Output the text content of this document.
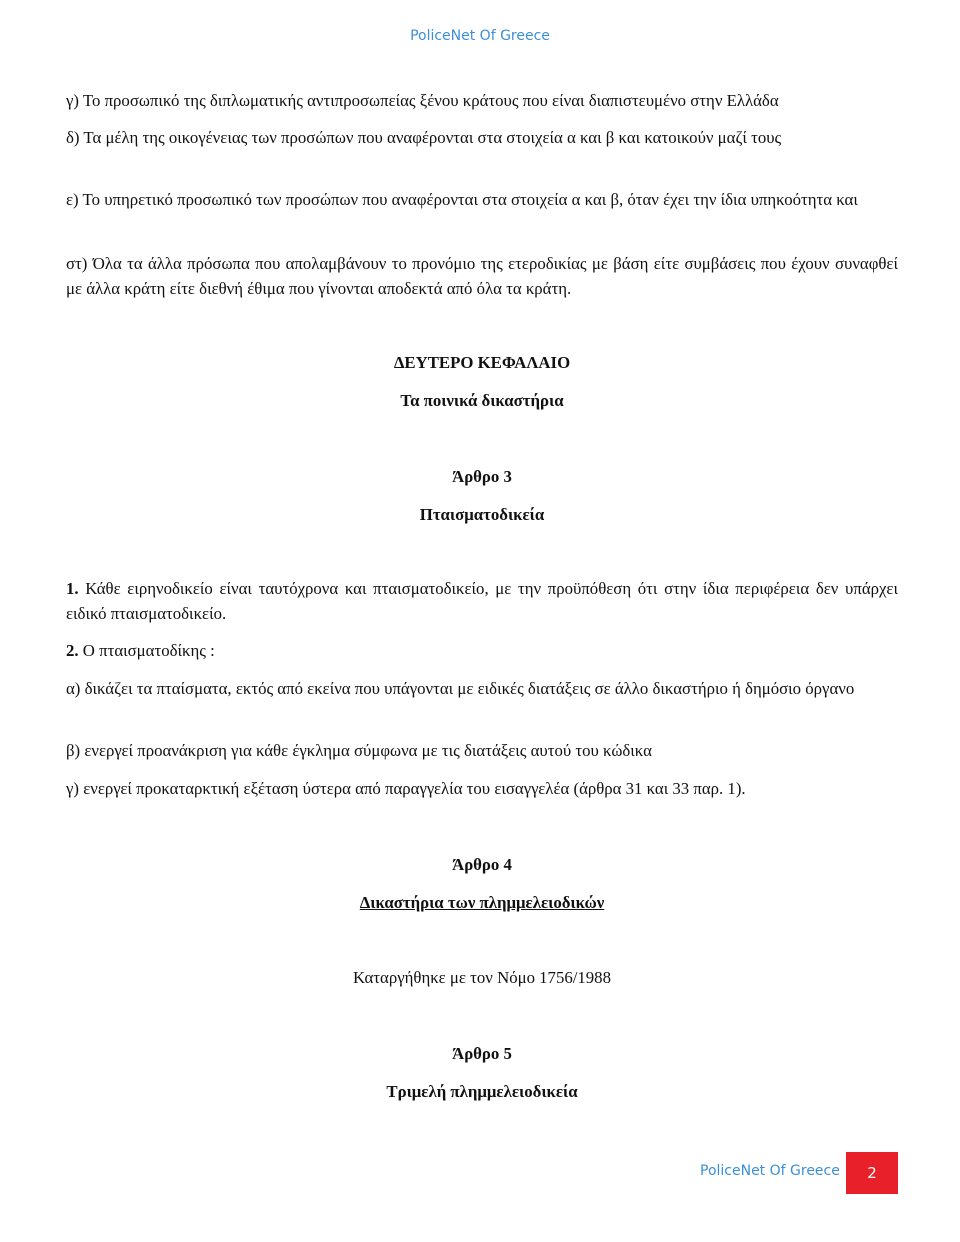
PoliceNet Of Greece

γ) Το προσωπικό της διπλωματικής αντιπροσωπείας ξένου κράτους που είναι διαπιστευμένο στην Ελλάδα

δ) Τα μέλη της οικογένειας των προσώπων που αναφέρονται στα στοιχεία α και β και κατοικούν μαζί τους

ε) Το υπηρετικό προσωπικό των προσώπων που αναφέρονται στα στοιχεία α και β, όταν έχει την ίδια υπηκοότητα και

στ) Όλα τα άλλα πρόσωπα που απολαμβάνουν το προνόμιο της ετεροδικίας με βάση είτε συμβάσεις που έχουν συναφθεί με άλλα κράτη είτε διεθνή έθιμα που γίνονται αποδεκτά από όλα τα κράτη.

ΔΕΥΤΕΡΟ ΚΕΦΑΛΑΙΟ

Τα ποινικά δικαστήρια

Άρθρο 3

Πταισματοδικεία

1. Κάθε ειρηνοδικείο είναι ταυτόχρονα και πταισματοδικείο, με την προϋπόθεση ότι στην ίδια περιφέρεια δεν υπάρχει ειδικό πταισματοδικείο.

2. Ο πταισματοδίκης :

α) δικάζει τα πταίσματα, εκτός από εκείνα που υπάγονται με ειδικές διατάξεις σε άλλο δικαστήριο ή δημόσιο όργανο

β) ενεργεί προανάκριση για κάθε έγκλημα σύμφωνα με τις διατάξεις αυτού του κώδικα

γ) ενεργεί προκαταρκτική εξέταση ύστερα από παραγγελία του εισαγγελέα (άρθρα 31 και 33 παρ. 1).

Άρθρο 4

Δικαστήρια των πλημμελειοδικών

Καταργήθηκε με τον Νόμο 1756/1988

Άρθρο 5

Τριμελή πλημμελειοδικεία

PoliceNet Of Greece	2
